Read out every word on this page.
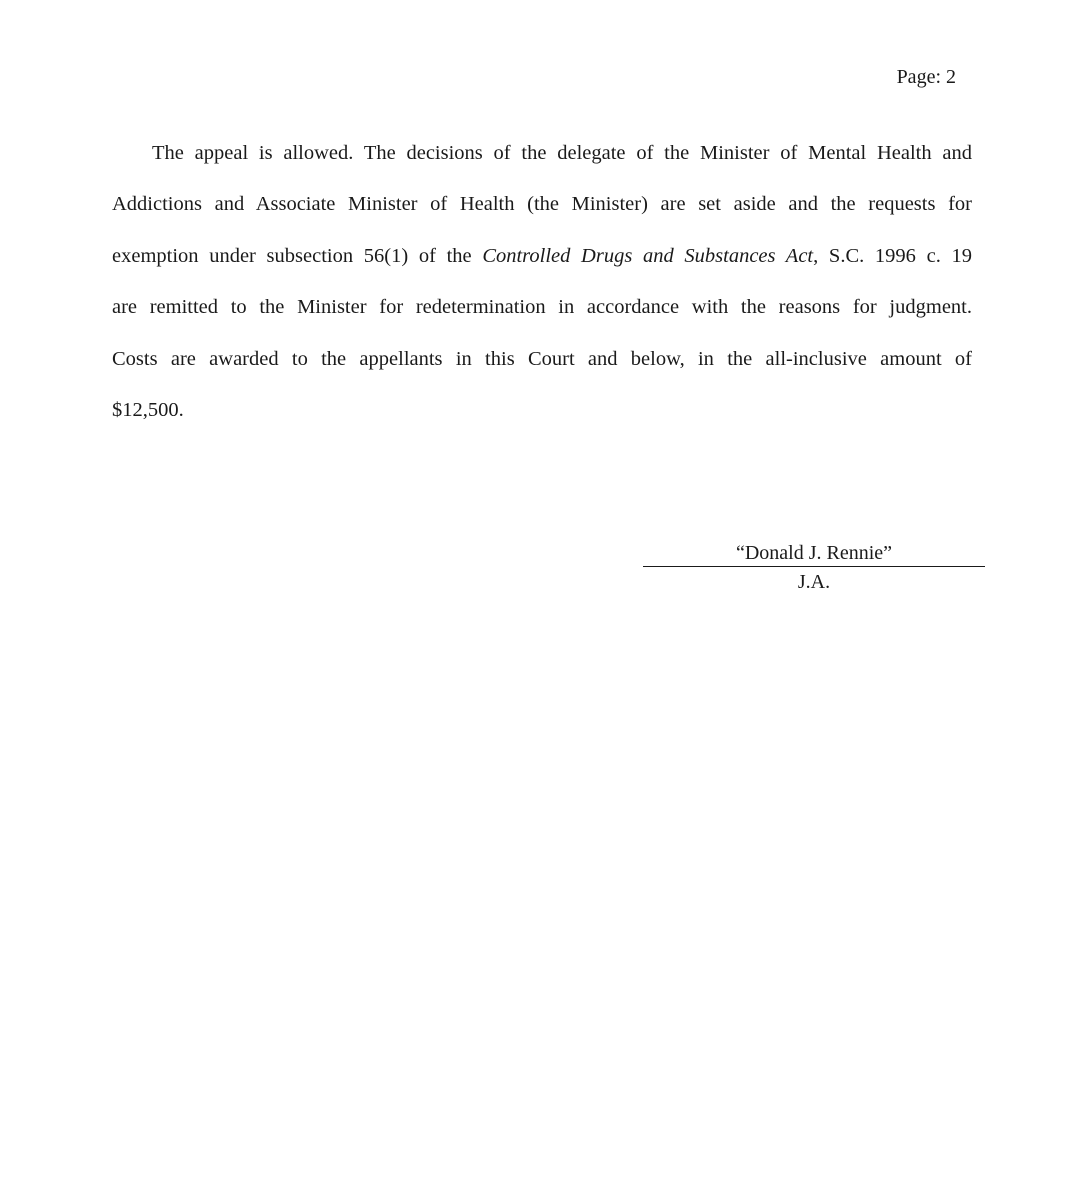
Page: 2
The appeal is allowed. The decisions of the delegate of the Minister of Mental Health and
Addictions and Associate Minister of Health (the Minister) are set aside and the requests for
exemption under subsection 56(1) of the Controlled Drugs and Substances Act, S.C. 1996 c. 19
are remitted to the Minister for redetermination in accordance with the reasons for judgment.
Costs are awarded to the appellants in this Court and below, in the all-inclusive amount of
$12,500.
“Donald J. Rennie”
J.A.
